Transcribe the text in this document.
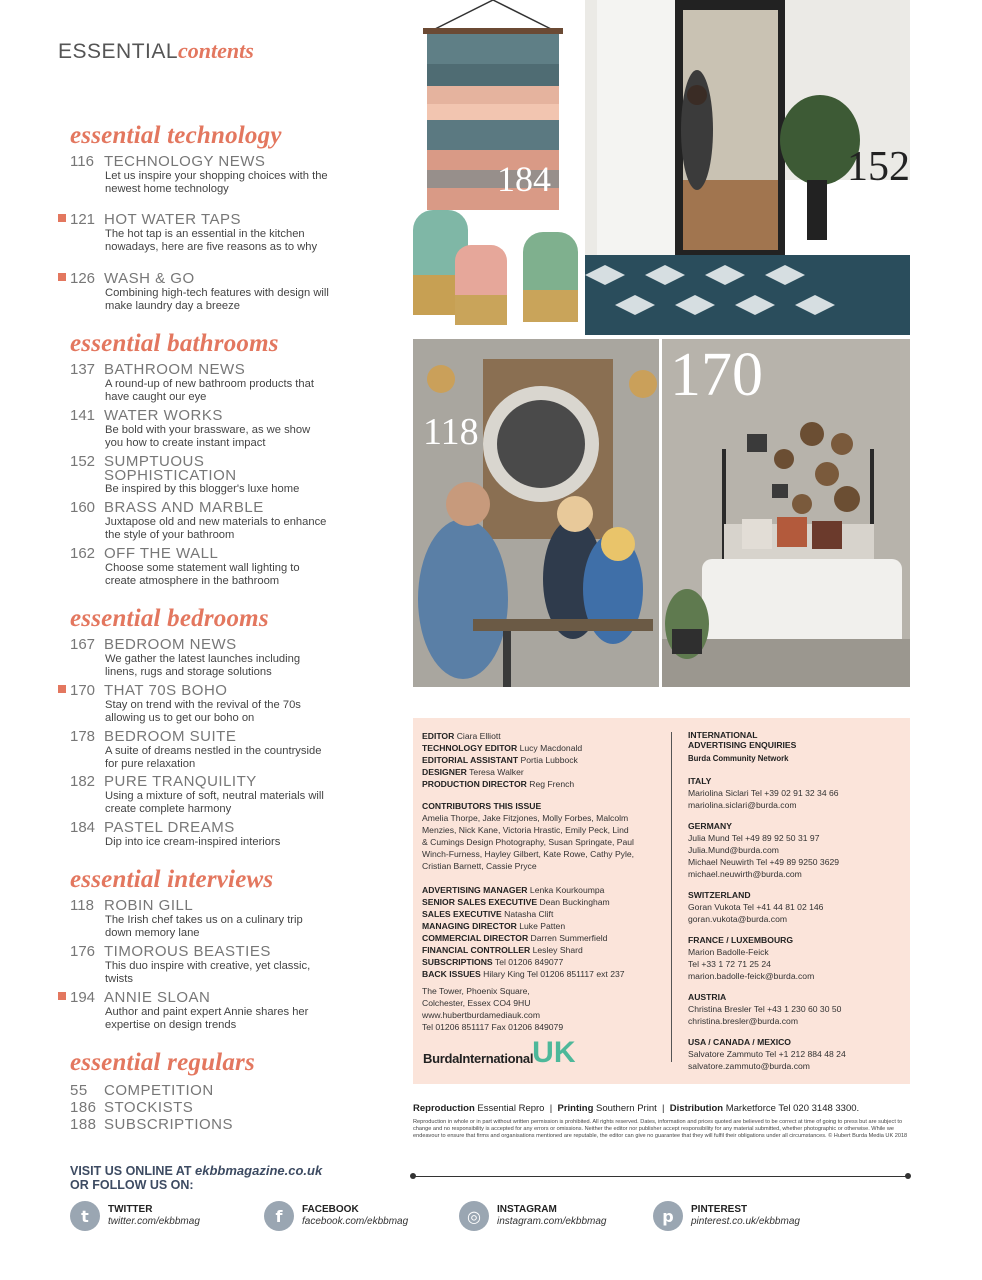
ESSENTIALcontents
essential technology
116 TECHNOLOGY NEWS
Let us inspire your shopping choices with the newest home technology
121 HOT WATER TAPS
The hot tap is an essential in the kitchen nowadays, here are five reasons as to why
126 WASH & GO
Combining high-tech features with design will make laundry day a breeze
essential bathrooms
137 BATHROOM NEWS
A round-up of new bathroom products that have caught our eye
141 WATER WORKS
Be bold with your brassware, as we show you how to create instant impact
152 SUMPTUOUS SOPHISTICATION
Be inspired by this blogger's luxe home
160 BRASS AND MARBLE
Juxtapose old and new materials to enhance the style of your bathroom
162 OFF THE WALL
Choose some statement wall lighting to create atmosphere in the bathroom
essential bedrooms
167 BEDROOM NEWS
We gather the latest launches including linens, rugs and storage solutions
170 THAT 70S BOHO
Stay on trend with the revival of the 70s allowing us to get our boho on
178 BEDROOM SUITE
A suite of dreams nestled in the countryside for pure relaxation
182 PURE TRANQUILITY
Using a mixture of soft, neutral materials will create complete harmony
184 PASTEL DREAMS
Dip into ice cream-inspired interiors
essential interviews
118 ROBIN GILL
The Irish chef takes us on a culinary trip down memory lane
176 TIMOROUS BEASTIES
This duo inspire with creative, yet classic, twists
194 ANNIE SLOAN
Author and paint expert Annie shares her expertise on design trends
essential regulars
55 COMPETITION
186 STOCKISTS
188 SUBSCRIPTIONS
184	152
118
170
EDITOR Ciara Elliott
TECHNOLOGY EDITOR Lucy Macdonald
EDITORIAL ASSISTANT Portia Lubbock
DESIGNER Teresa Walker
PRODUCTION DIRECTOR Reg French
CONTRIBUTORS THIS ISSUE
Amelia Thorpe, Jake Fitzjones, Molly Forbes, Malcolm
Menzies, Nick Kane, Victoria Hrastic, Emily Peck, Lind
& Cumings Design Photography, Susan Springate, Paul
Winch-Furness, Hayley Gilbert, Kate Rowe, Cathy Pyle,
Cristian Barnett, Cassie Pryce
ADVERTISING MANAGER Lenka Kourkoumpa
SENIOR SALES EXECUTIVE Dean Buckingham
SALES EXECUTIVE Natasha Clift
MANAGING DIRECTOR Luke Patten
COMMERCIAL DIRECTOR Darren Summerfield
FINANCIAL CONTROLLER Lesley Shard
SUBSCRIPTIONS Tel 01206 849077
BACK ISSUES Hilary King Tel 01206 851117 ext 237
The Tower, Phoenix Square,
Colchester, Essex CO4 9HU
www.hubertburdamediauk.com
Tel 01206 851117 Fax 01206 849079
BurdaInternational UK
INTERNATIONAL
ADVERTISING ENQUIRIES
Burda Community Network
ITALY
Mariolina Siclari Tel +39 02 91 32 34 66
mariolina.siclari@burda.com
GERMANY
Julia Mund Tel +49 89 92 50 31 97
Julia.Mund@burda.com
Michael Neuwirth Tel +49 89 9250 3629
michael.neuwirth@burda.com
SWITZERLAND
Goran Vukota Tel +41 44 81 02 146
goran.vukota@burda.com
FRANCE / LUXEMBOURG
Marion Badolle-Feick
Tel +33 1 72 71 25 24
marion.badolle-feick@burda.com
AUSTRIA
Christina Bresler Tel +43 1 230 60 30 50
christina.bresler@burda.com
USA / CANADA / MEXICO
Salvatore Zammuto Tel +1 212 884 48 24
salvatore.zammuto@burda.com
Reproduction Essential Repro  |  Printing Southern Print  |  Distribution Marketforce Tel 020 3148 3300.
Reproduction in whole or in part without written permission is prohibited. All rights reserved. Dates, information and prices quoted are believed to be correct at time of going to press but are subject to change and no responsibility is accepted for any errors or omissions. Neither the editor nor publisher accept responsibility for any material submitted, whether photographic or otherwise. While we endeavour to ensure that firms and organisations mentioned are reputable, the editor can give no guarantee that they will fulfil their obligations under all circumstances. © Hubert Burda Media UK 2018
VISIT US ONLINE AT ekbbmagazine.co.uk
OR FOLLOW US ON:
t	TWITTER
twitter.com/ekbbmag	f	FACEBOOK
facebook.com/ekbbmag	◎	INSTAGRAM
instagram.com/ekbbmag	p	PINTEREST
pinterest.co.uk/ekbbmag
